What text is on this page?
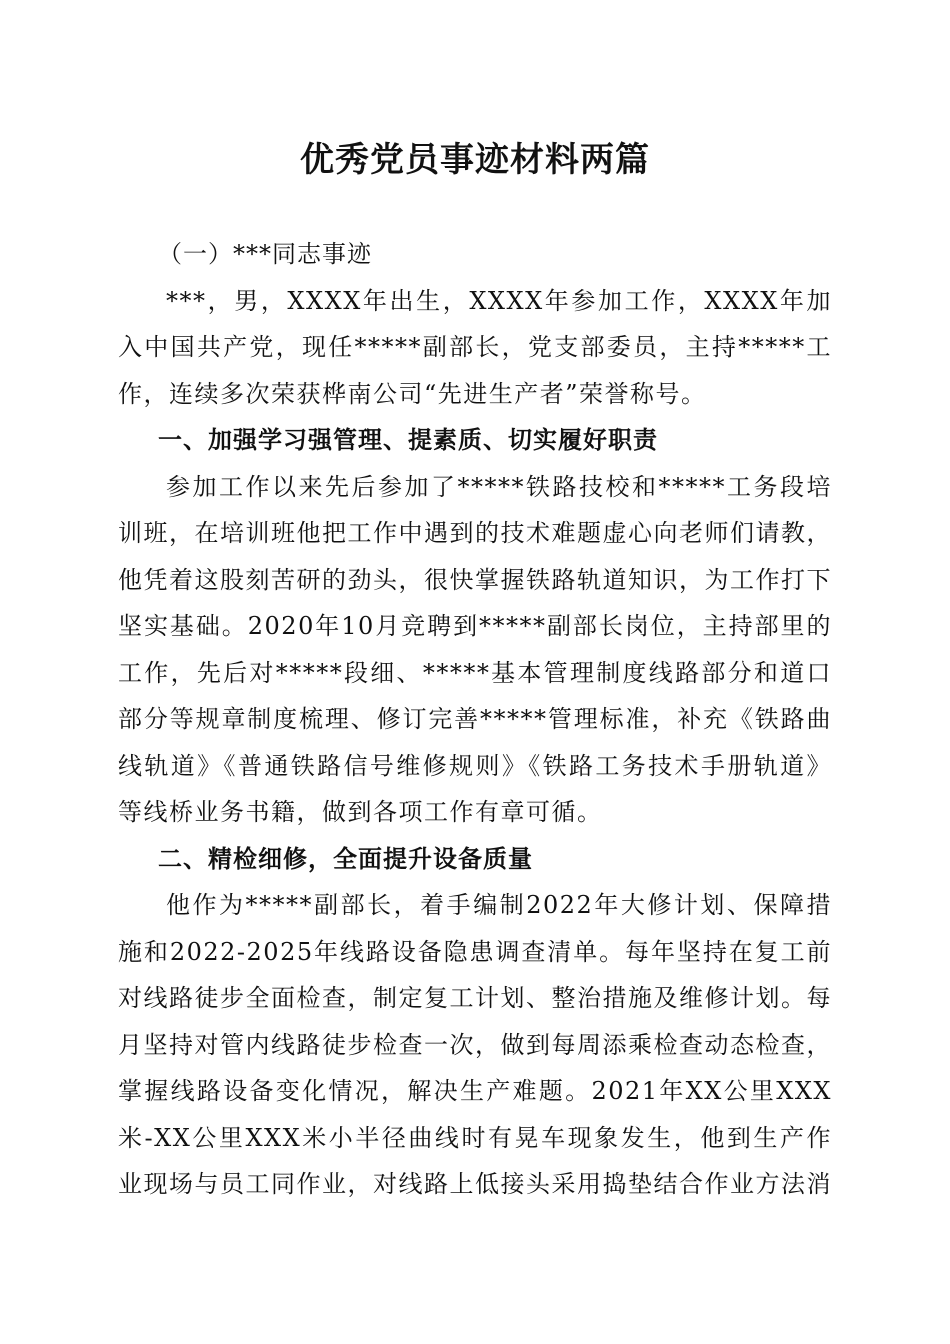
优秀党员事迹材料两篇

（一）***同志事迹

***，男，XXXX年出生，XXXX年参加工作，XXXX年加入中国共产党，现任*****副部长，党支部委员，主持*****工作，连续多次荣获桦南公司“先进生产者”荣誉称号。

一、加强学习强管理、提素质、切实履好职责

参加工作以来先后参加了*****铁路技校和*****工务段培训班，在培训班他把工作中遇到的技术难题虚心向老师们请教，他凭着这股刻苦研的劲头，很快掌握铁路轨道知识，为工作打下坚实基础。2020年10月竞聘到*****副部长岗位，主持部里的工作，先后对*****段细、*****基本管理制度线路部分和道口部分等规章制度梳理、修订完善*****管理标准，补充《铁路曲线轨道》《普通铁路信号维修规则》《铁路工务技术手册轨道》等线桥业务书籍，做到各项工作有章可循。

二、精检细修，全面提升设备质量

他作为*****副部长，着手编制2022年大修计划、保障措施和2022-2025年线路设备隐患调查清单。每年坚持在复工前对线路徒步全面检查，制定复工计划、整治措施及维修计划。每月坚持对管内线路徒步检查一次，做到每周添乘检查动态检查，掌握线路设备变化情况，解决生产难题。2021年XX公里XXX米-XX公里XXX米小半径曲线时有晃车现象发生，他到生产作业现场与员工同作业，对线路上低接头采用捣垫结合作业方法消
